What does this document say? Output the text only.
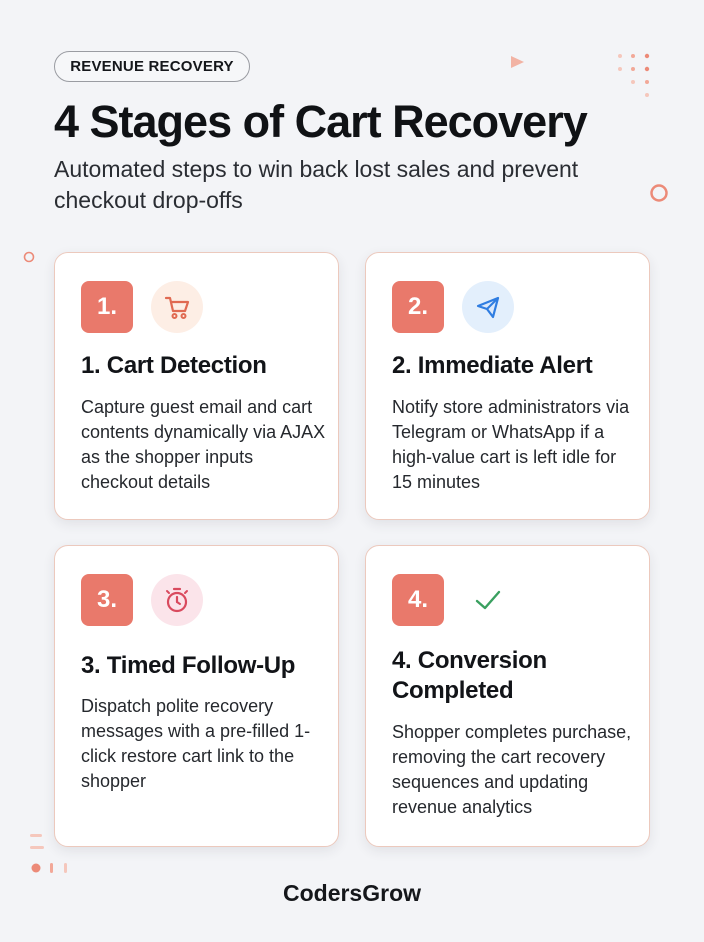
REVENUE RECOVERY
4 Stages of Cart Recovery

Automated steps to win back lost sales and prevent checkout drop-offs

1.
1. Cart Detection

Capture guest email and cart contents dynamically via AJAX as the shopper inputs checkout details

2.
2. Immediate Alert

Notify store administrators via Telegram or WhatsApp if a high-value cart is left idle for 15 minutes

3.
3. Timed Follow-Up

Dispatch polite recovery messages with a pre-filled 1-click restore cart link to the shopper

4.
4. Conversion Completed

Shopper completes purchase, removing the cart recovery sequences and updating revenue analytics

CodersGrow
